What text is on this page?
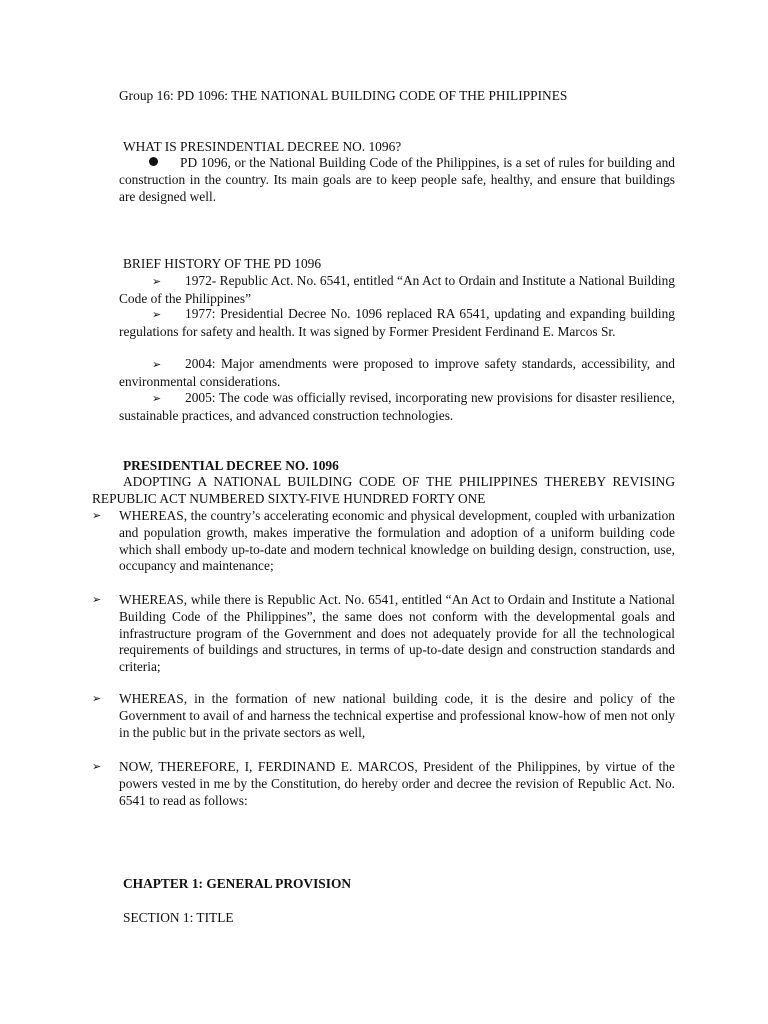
Group 16: PD 1096: THE NATIONAL BUILDING CODE OF THE PHILIPPINES
WHAT IS PRESINDENTIAL DECREE NO. 1096?
PD 1096, or the National Building Code of the Philippines, is a set of rules for building and construction in the country. Its main goals are to keep people safe, healthy, and ensure that buildings are designed well.
BRIEF HISTORY OF THE PD 1096
➢ 1972- Republic Act. No. 6541, entitled “An Act to Ordain and Institute a National Building Code of the Philippines”
➢ 1977: Presidential Decree No. 1096 replaced RA 6541, updating and expanding building regulations for safety and health. It was signed by Former President Ferdinand E. Marcos Sr.
➢ 2004: Major amendments were proposed to improve safety standards, accessibility, and environmental considerations.
➢ 2005: The code was officially revised, incorporating new provisions for disaster resilience, sustainable practices, and advanced construction technologies.
PRESIDENTIAL DECREE NO. 1096
ADOPTING A NATIONAL BUILDING CODE OF THE PHILIPPINES THEREBY REVISING REPUBLIC ACT NUMBERED SIXTY-FIVE HUNDRED FORTY ONE
➢	WHEREAS, the country’s accelerating economic and physical development, coupled with urbanization and population growth, makes imperative the formulation and adoption of a uniform building code which shall embody up-to-date and modern technical knowledge on building design, construction, use, occupancy and maintenance;
➢	WHEREAS, while there is Republic Act. No. 6541, entitled “An Act to Ordain and Institute a National Building Code of the Philippines”, the same does not conform with the developmental goals and infrastructure program of the Government and does not adequately provide for all the technological requirements of buildings and structures, in terms of up-to-date design and construction standards and criteria;
➢	WHEREAS, in the formation of new national building code, it is the desire and policy of the Government to avail of and harness the technical expertise and professional know-how of men not only in the public but in the private sectors as well,
➢	NOW, THEREFORE, I, FERDINAND E. MARCOS, President of the Philippines, by virtue of the powers vested in me by the Constitution, do hereby order and decree the revision of Republic Act. No. 6541 to read as follows:
CHAPTER 1: GENERAL PROVISION
SECTION 1: TITLE
